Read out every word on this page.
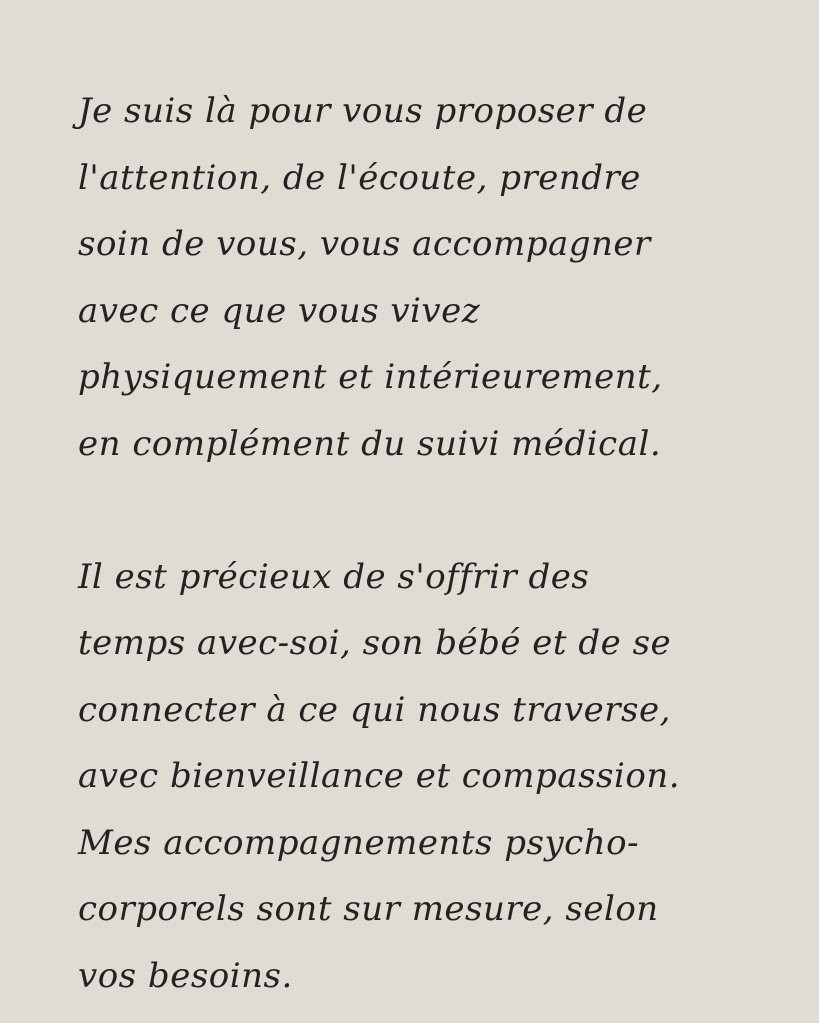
Je suis là pour vous proposer de
l'attention, de l'écoute, prendre
soin de vous, vous accompagner
avec ce que vous vivez
physiquement et intérieurement,
en complément du suivi médical.
Il est précieux de s'offrir des
temps avec-soi, son bébé et de se
connecter à ce qui nous traverse,
avec bienveillance et compassion.
Mes accompagnements psycho-
corporels sont sur mesure, selon
vos besoins.
